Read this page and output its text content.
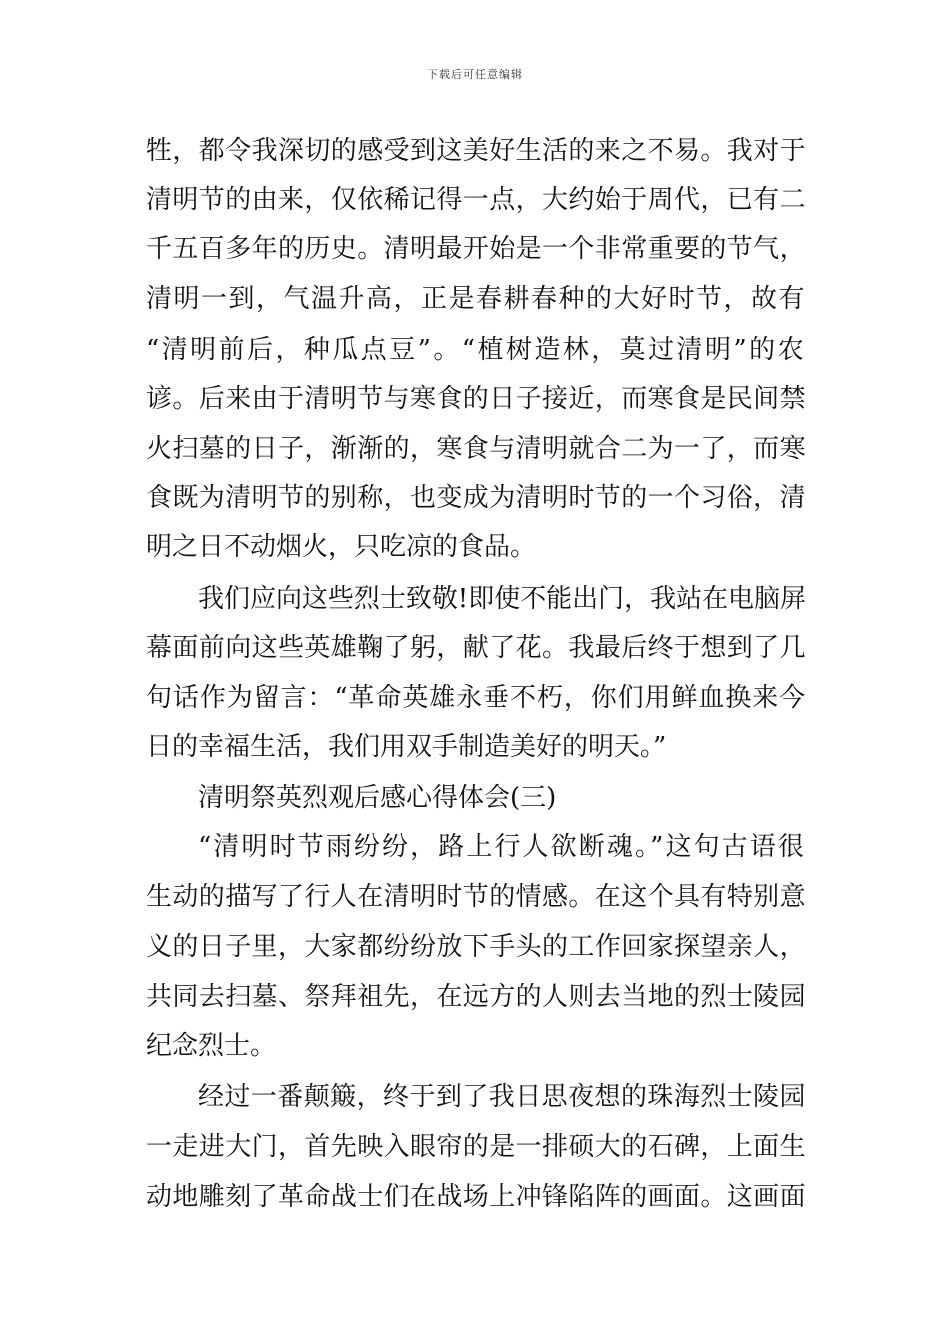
下载后可任意编辑
牲，都令我深切的感受到这美好生活的来之不易。我对于
清明节的由来，仅依稀记得一点，大约始于周代，已有二
千五百多年的历史。清明最开始是一个非常重要的节气，
清明一到，气温升高，正是春耕春种的大好时节，故有
“清明前后，种瓜点豆”。“植树造林，莫过清明”的农
谚。后来由于清明节与寒食的日子接近，而寒食是民间禁
火扫墓的日子，渐渐的，寒食与清明就合二为一了，而寒
食既为清明节的别称，也变成为清明时节的一个习俗，清
明之日不动烟火，只吃凉的食品。
我们应向这些烈士致敬!即使不能出门，我站在电脑屏
幕面前向这些英雄鞠了躬，献了花。我最后终于想到了几
句话作为留言：“革命英雄永垂不朽，你们用鲜血换来今
日的幸福生活，我们用双手制造美好的明天。”
清明祭英烈观后感心得体会(三)
“清明时节雨纷纷，路上行人欲断魂。”这句古语很
生动的描写了行人在清明时节的情感。在这个具有特别意
义的日子里，大家都纷纷放下手头的工作回家探望亲人，
共同去扫墓、祭拜祖先，在远方的人则去当地的烈士陵园
纪念烈士。
经过一番颠簸，终于到了我日思夜想的珠海烈士陵园
一走进大门，首先映入眼帘的是一排硕大的石碑，上面生
动地雕刻了革命战士们在战场上冲锋陷阵的画面。这画面
